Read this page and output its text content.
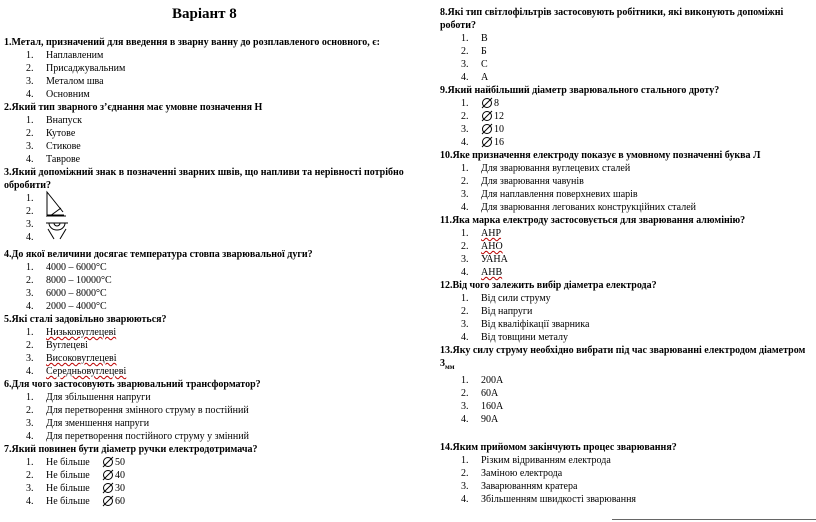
Варіант 8
1.Метал, призначений для введення в зварну ванну до розплавленого основного, є:
1. Наплавленим
2. Присаджувальним
3. Металом шва
4. Основним
2.Який тип зварного з’єднання має умовне позначення Н
1. Внапуск
2. Кутове
3. Стикове
4. Таврове
3.Який допоміжний знак в позначенні зварних швів, що напливи та нерівності потрібно обробити?
1.
2.
3.
4.
4.До якої величини досягає температура стовпа зварювальної дуги?
1. 4000 – 6000°С
2. 8000 – 10000°С
3. 6000 – 8000°С
4. 2000 – 4000°С
5.Які сталі задовільно зварюються?
1. Низьковуглецеві
2. Вуглецеві
3. Високовуглецеві
4. Середньовуглецеві
6.Для чого застосовують зварювальний трансформатор?
1. Для збільшення напруги
2. Для перетворення змінного струму в постійний
3. Для зменшення напруги
4. Для перетворення постійного струму у змінний
7.Який повинен бути діаметр ручки електродотримача?
1. Не більше	50
2. Не більше	40
3. Не більше	30
4. Не більше	60
8.Які тип світлофільтрів застосовують робітники, які виконують допоміжні роботи?
1. В
2. Б
3. С
4. А
9.Який найбільший діаметр зварювального стального дроту?
1.	8
2.	12
3.	10
4.	16
10.Яке призначення електроду показує в умовному позначенні буква Л
1. Для зварювання вуглецевих сталей
2. Для зварювання чавунів
3. Для наплавлення поверхневих шарів
4. Для зварювання легованих конструкційних сталей
11.Яка марка електроду застосовується для зварювання алюмінію?
1. АНР
2. АНО
3. УАНА
4. АНВ
12.Від чого залежить вибір діаметра електрода?
1. Від сили струму
2. Від напруги
3. Від кваліфікації зварника
4. Від товщини металу
13.Яку силу струму необхідно вибрати під час зварюванні електродом діаметром $3_{мм}$
1. 200А
2. 60А
3. 160А
4. 90А
14.Яким прийомом закінчують процес зварювання?
1. Різким відриванням електрода
2. Заміною електрода
3. Заварюванням кратера
4. Збільшенням швидкості зварювання
